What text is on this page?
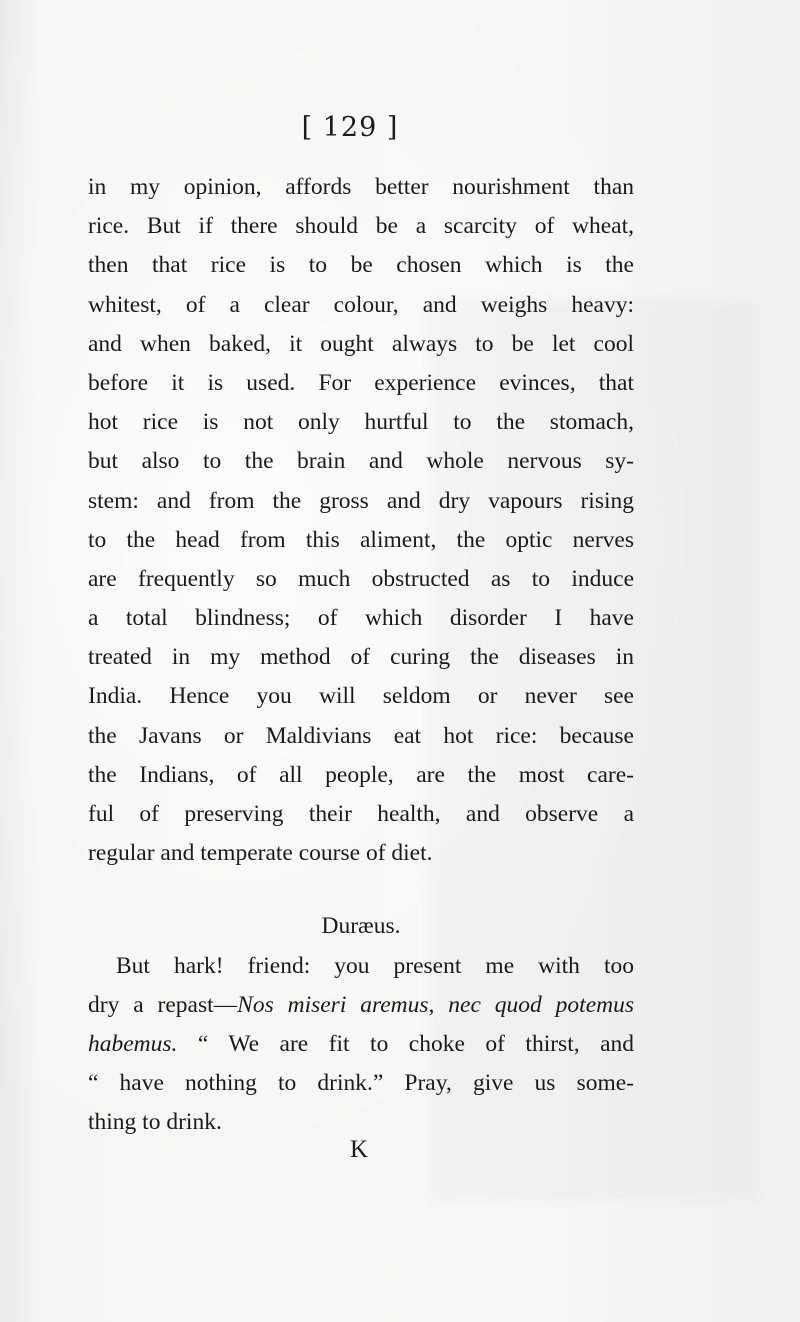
[ 129 ]

in my opinion, affords better nourishment than
rice. But if there should be a scarcity of wheat,
then that rice is to be chosen which is the
whitest, of a clear colour, and weighs heavy:
and when baked, it ought always to be let cool
before it is used. For experience evinces, that
hot rice is not only hurtful to the stomach,
but also to the brain and whole nervous sy-
stem: and from the gross and dry vapours rising
to the head from this aliment, the optic nerves
are frequently so much obstructed as to induce
a total blindness; of which disorder I have
treated in my method of curing the diseases in
India. Hence you will seldom or never see
the Javans or Maldivians eat hot rice: because
the Indians, of all people, are the most care-
ful of preserving their health, and observe a
regular and temperate course of diet.
Duræus.
But hark! friend: you present me with too
dry a repast—Nos miseri aremus, nec quod potemus
habemus. “ We are fit to choke of thirst, and
“ have nothing to drink.” Pray, give us some-
thing to drink.
K
